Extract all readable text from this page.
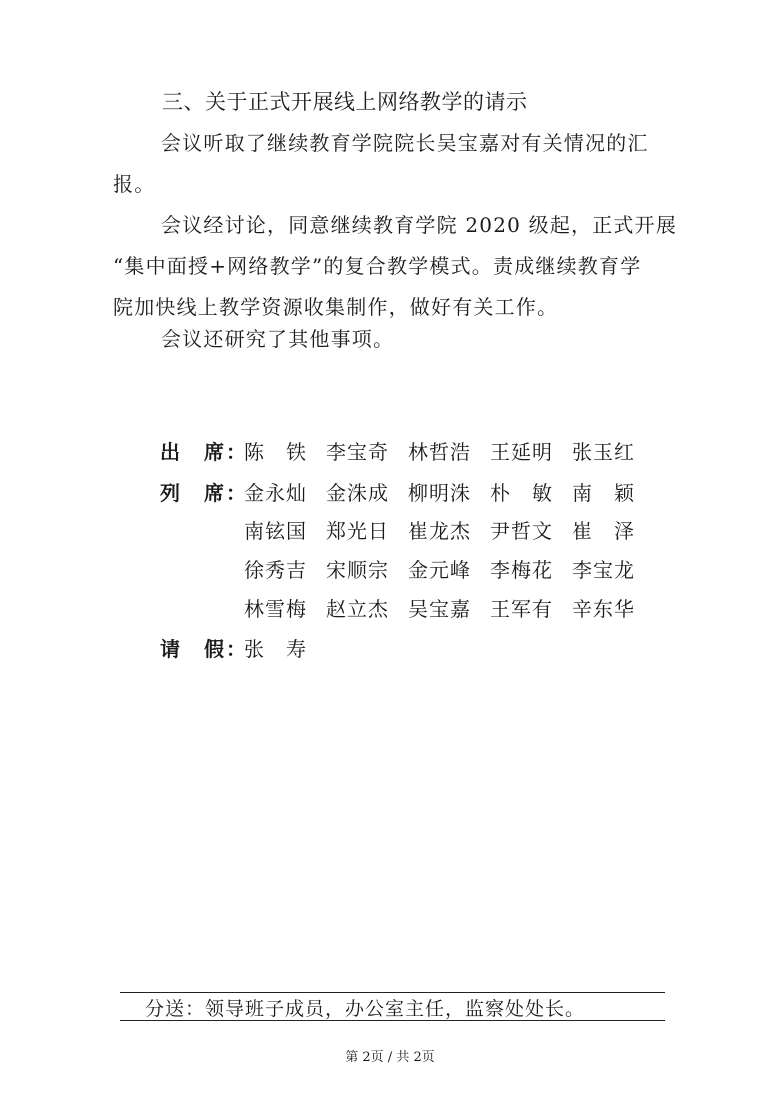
三、关于正式开展线上网络教学的请示
会议听取了继续教育学院院长吴宝嘉对有关情况的汇
报。
会议经讨论，同意继续教育学院 2020 级起，正式开展
“集中面授+网络教学”的复合教学模式。责成继续教育学
院加快线上教学资源收集制作，做好有关工作。
会议还研究了其他事项。
出 席：
陈　铁 李宝奇 林哲浩 王延明 张玉红
列 席：
金永灿 金洙成 柳明洙 朴　敏 南　颖
南铉国 郑光日 崔龙杰 尹哲文 崔　泽
徐秀吉 宋顺宗 金元峰 李梅花 李宝龙
林雪梅 赵立杰 吴宝嘉 王军有 辛东华
请 假：
张　寿
分送：领导班子成员，办公室主任，监察处处长。
第 2页 / 共 2页
